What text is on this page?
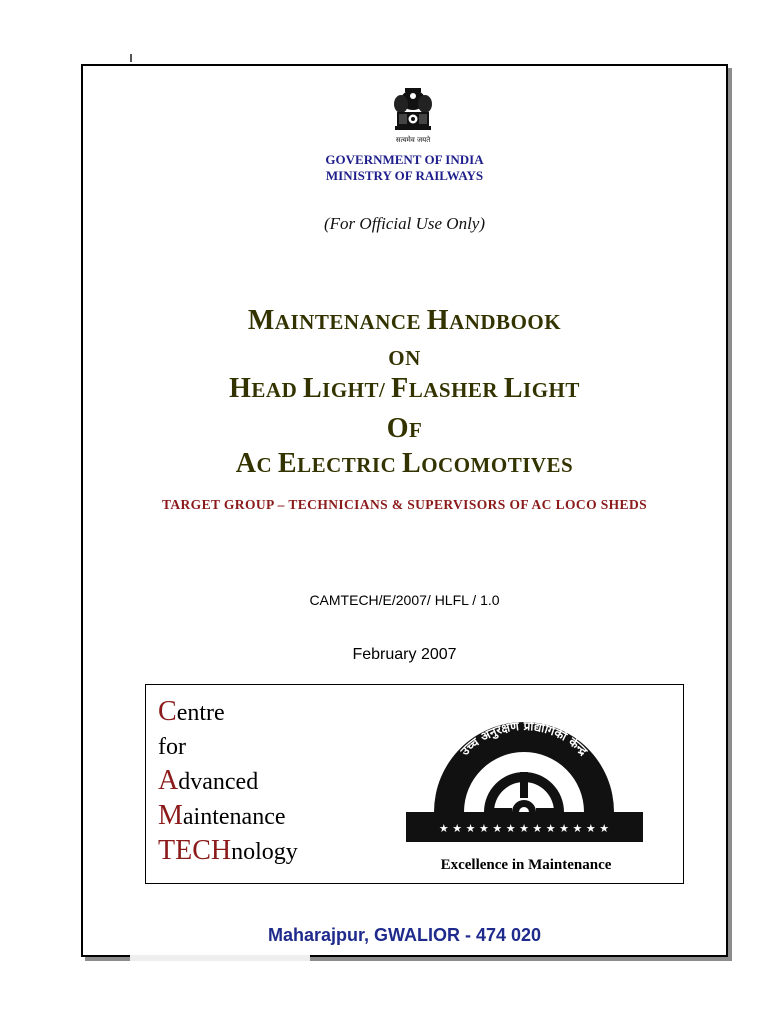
सत्यमेव जयते
GOVERNMENT OF INDIA
MINISTRY OF RAILWAYS
(For Official Use Only)
MAINTENANCE HANDBOOK
ON
HEAD LIGHT/ FLASHER LIGHT
OF
AC ELECTRIC LOCOMOTIVES
TARGET GROUP – TECHNICIANS & SUPERVISORS OF AC LOCO SHEDS
CAMTECH/E/2007/ HLFL / 1.0
February 2007
Centre
for
Advanced
Maintenance
TECHnology
उच्च अनुरक्षण प्रौद्योगिकी केन्द्र
★ ★ ★ ★ ★ ★ ★ ★ ★ ★ ★ ★ ★
Excellence in Maintenance
Maharajpur, GWALIOR - 474 020
